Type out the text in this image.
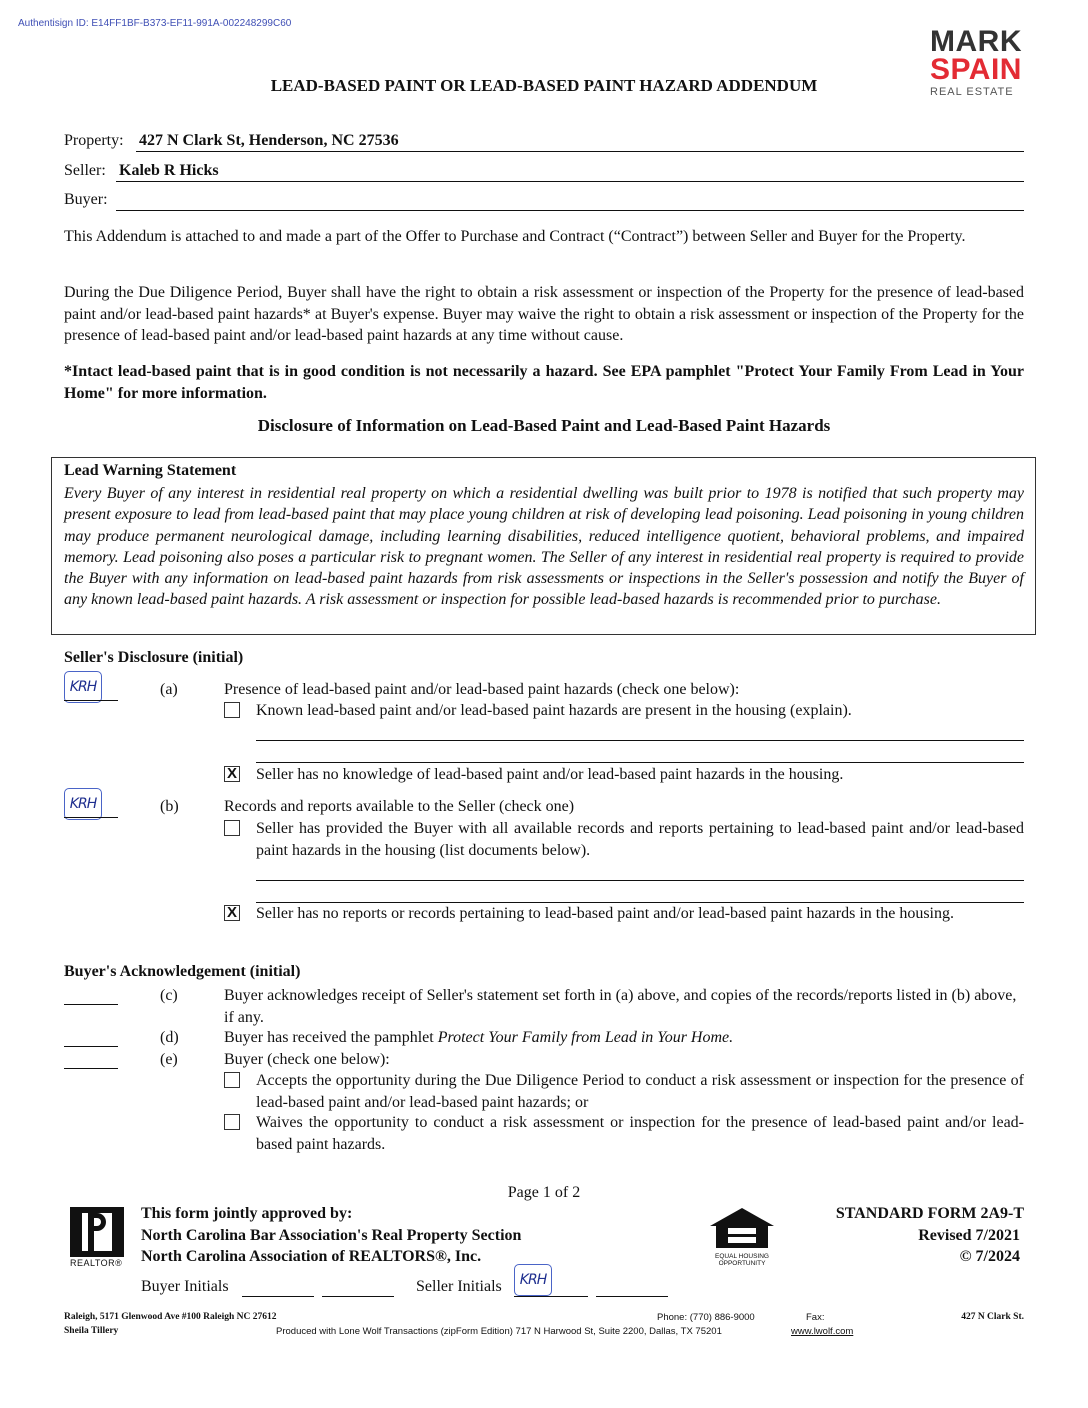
Authentisign ID: E14FF1BF-B373-EF11-991A-002248299C60
MARK
SPAIN
REAL ESTATE
LEAD-BASED PAINT OR LEAD-BASED PAINT HAZARD ADDENDUM
Property: 427 N Clark St, Henderson, NC 27536
Seller: Kaleb R Hicks
Buyer:
This Addendum is attached to and made a part of the Offer to Purchase and Contract (“Contract”) between Seller and Buyer for the Property.
During the Due Diligence Period, Buyer shall have the right to obtain a risk assessment or inspection of the Property for the presence of lead-based paint and/or lead-based paint hazards* at Buyer's expense. Buyer may waive the right to obtain a risk assessment or inspection of the Property for the presence of lead-based paint and/or lead-based paint hazards at any time without cause.
*Intact lead-based paint that is in good condition is not necessarily a hazard. See EPA pamphlet "Protect Your Family From Lead in Your Home" for more information.
Disclosure of Information on Lead-Based Paint and Lead-Based Paint Hazards
Lead Warning Statement
Every Buyer of any interest in residential real property on which a residential dwelling was built prior to 1978 is notified that such property may present exposure to lead from lead-based paint that may place young children at risk of developing lead poisoning. Lead poisoning in young children may produce permanent neurological damage, including learning disabilities, reduced intelligence quotient, behavioral problems, and impaired memory. Lead poisoning also poses a particular risk to pregnant women. The Seller of any interest in residential real property is required to provide the Buyer with any information on lead-based paint hazards from risk assessments or inspections in the Seller's possession and notify the Buyer of any known lead-based paint hazards. A risk assessment or inspection for possible lead-based hazards is recommended prior to purchase.
Seller's Disclosure (initial)
KRH	(a)	Presence of lead-based paint and/or lead-based paint hazards (check one below):
Known lead-based paint and/or lead-based paint hazards are present in the housing (explain).
X Seller has no knowledge of lead-based paint and/or lead-based paint hazards in the housing.
KRH	(b)	Records and reports available to the Seller (check one)
Seller has provided the Buyer with all available records and reports pertaining to lead-based paint and/or lead-based paint hazards in the housing (list documents below).
X Seller has no reports or records pertaining to lead-based paint and/or lead-based paint hazards in the housing.
Buyer's Acknowledgement (initial)
(c)	Buyer acknowledges receipt of Seller's statement set forth in (a) above, and copies of the records/reports listed in (b) above, if any.
(d)	Buyer has received the pamphlet Protect Your Family from Lead in Your Home.
(e)	Buyer (check one below):
Accepts the opportunity during the Due Diligence Period to conduct a risk assessment or inspection for the presence of lead-based paint and/or lead-based paint hazards; or
Waives the opportunity to conduct a risk assessment or inspection for the presence of lead-based paint and/or lead-based paint hazards.
Page 1 of 2
REALTOR®
This form jointly approved by:
North Carolina Bar Association's Real Property Section
North Carolina Association of REALTORS®, Inc.	EQUAL HOUSING OPPORTUNITY
STANDARD FORM 2A9-T
Revised 7/2021
© 7/2024
Buyer Initials	Seller Initials	KRH
Raleigh, 5171 Glenwood Ave #100 Raleigh NC 27612
Sheila Tillery
Phone: (770) 886-9000	Fax:	427 N Clark St.
Produced with Lone Wolf Transactions (zipForm Edition) 717 N Harwood St, Suite 2200, Dallas, TX 75201	www.lwolf.com
